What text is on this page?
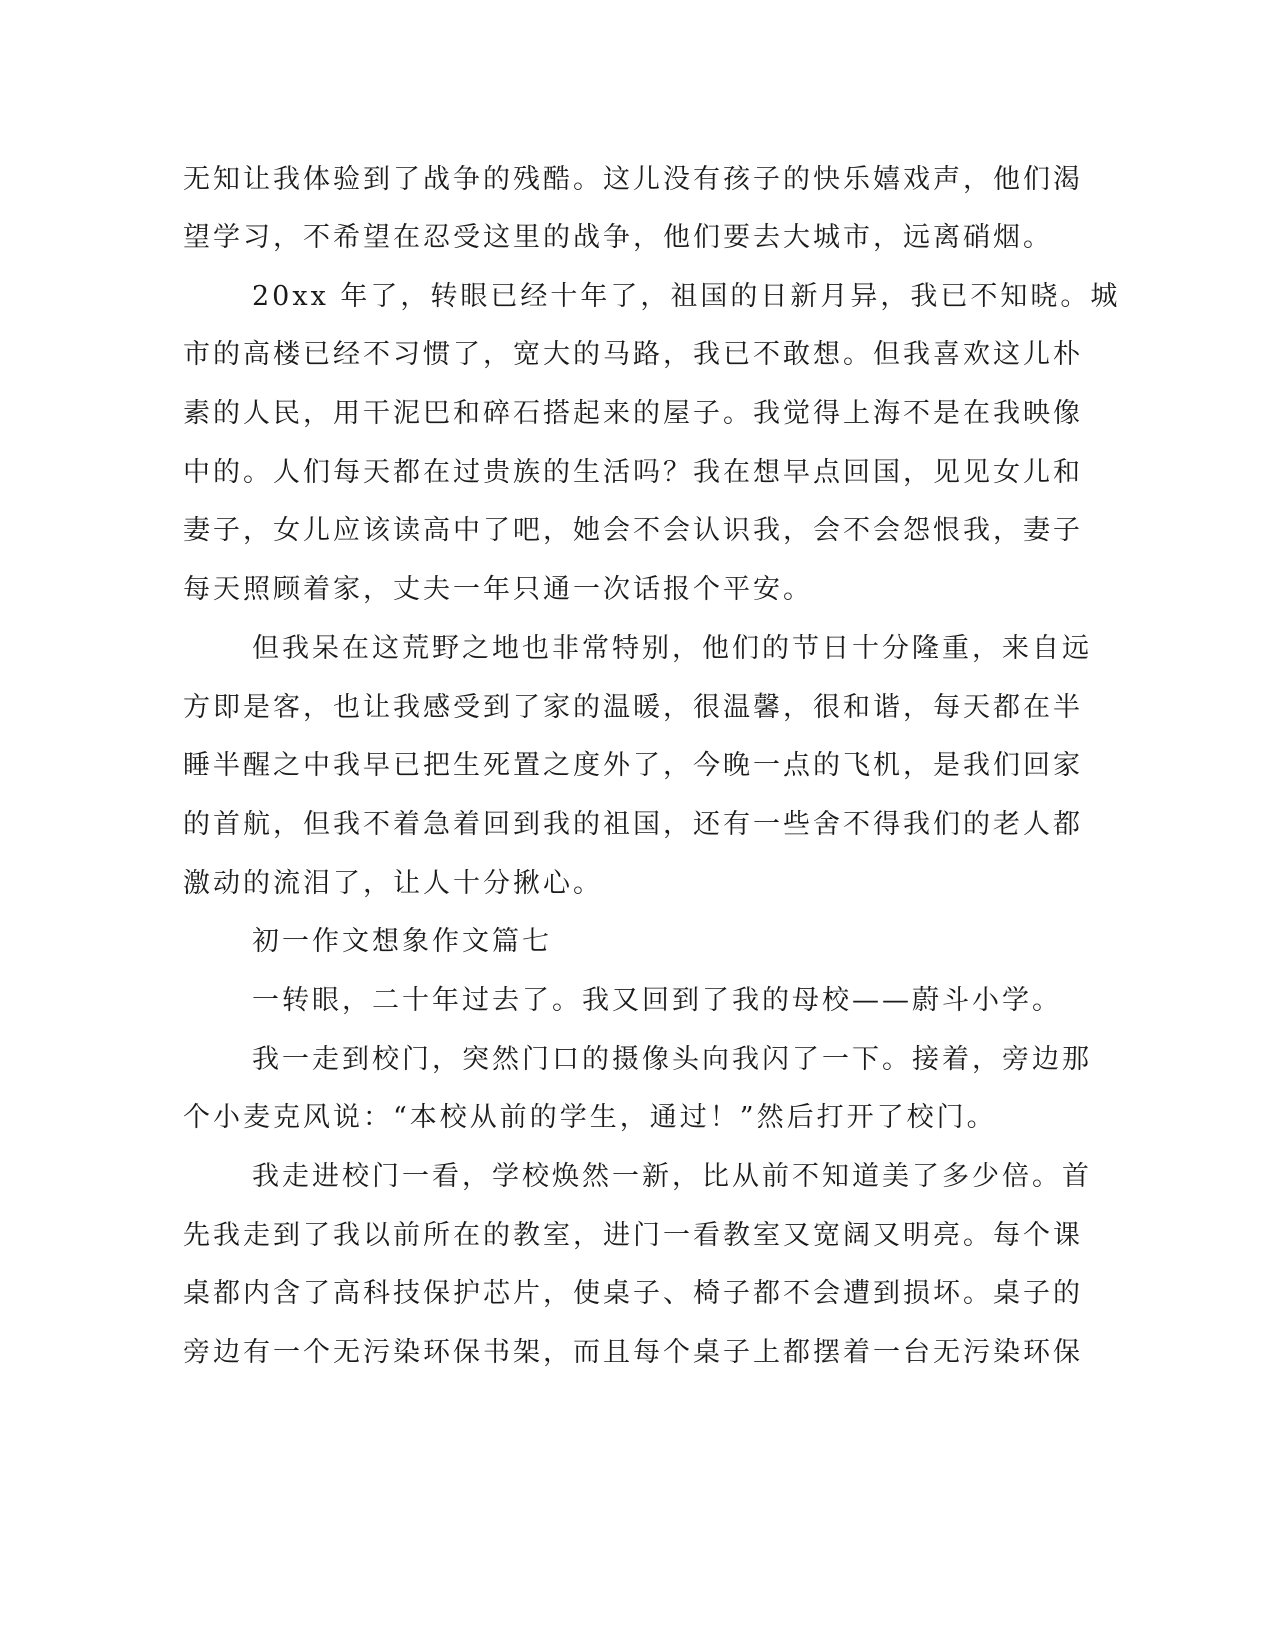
无知让我体验到了战争的残酷。这儿没有孩子的快乐嬉戏声，他们渴
望学习，不希望在忍受这里的战争，他们要去大城市，远离硝烟。
20xx 年了，转眼已经十年了，祖国的日新月异，我已不知晓。城
市的高楼已经不习惯了，宽大的马路，我已不敢想。但我喜欢这儿朴
素的人民，用干泥巴和碎石搭起来的屋子。我觉得上海不是在我映像
中的。人们每天都在过贵族的生活吗？我在想早点回国，见见女儿和
妻子，女儿应该读高中了吧，她会不会认识我，会不会怨恨我，妻子
每天照顾着家，丈夫一年只通一次话报个平安。
但我呆在这荒野之地也非常特别，他们的节日十分隆重，来自远
方即是客，也让我感受到了家的温暖，很温馨，很和谐，每天都在半
睡半醒之中我早已把生死置之度外了，今晚一点的飞机，是我们回家
的首航，但我不着急着回到我的祖国，还有一些舍不得我们的老人都
激动的流泪了，让人十分揪心。
初一作文想象作文篇七
一转眼，二十年过去了。我又回到了我的母校——蔚斗小学。
我一走到校门，突然门口的摄像头向我闪了一下。接着，旁边那
个小麦克风说：“本校从前的学生，通过！”然后打开了校门。
我走进校门一看，学校焕然一新，比从前不知道美了多少倍。首
先我走到了我以前所在的教室，进门一看教室又宽阔又明亮。每个课
桌都内含了高科技保护芯片，使桌子、椅子都不会遭到损坏。桌子的
旁边有一个无污染环保书架，而且每个桌子上都摆着一台无污染环保
